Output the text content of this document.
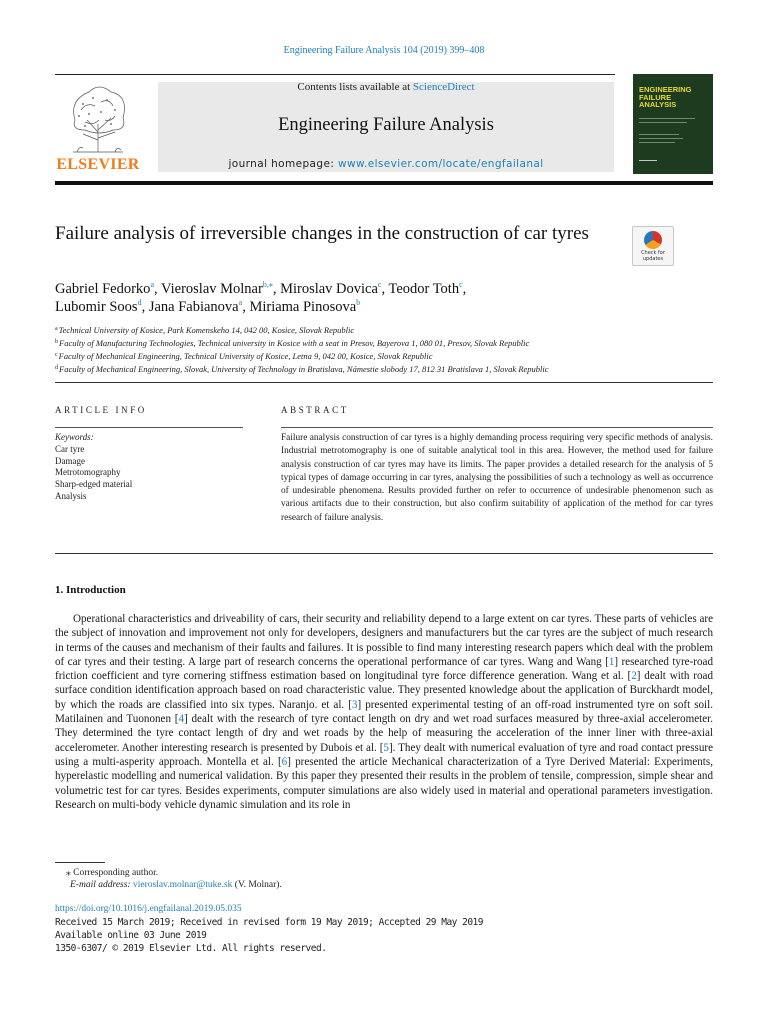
Engineering Failure Analysis 104 (2019) 399–408
ELSEVIER
Contents lists available at ScienceDirect
Engineering Failure Analysis
journal homepage: www.elsevier.com/locate/engfailanal
ENGINEERING FAILURE ANALYSIS
Failure analysis of irreversible changes in the construction of car tyres
Check for updates
Gabriel Fedorko$^a$, Vieroslav Molnar$^{b,⁎}$, Miroslav Dovica$^c$, Teodor Toth$^c$,
Lubomir Soos$^d$, Jana Fabianova$^a$, Miriama Pinosova$^b$
$^a$Technical University of Kosice, Park Komenskeho 14, 042 00, Kosice, Slovak Republic
$^b$Faculty of Manufacturing Technologies, Technical university in Kosice with a seat in Presov, Bayerova 1, 080 01, Presov, Slovak Republic
$^c$Faculty of Mechanical Engineering, Technical University of Kosice, Letna 9, 042 00, Kosice, Slovak Republic
$^d$Faculty of Mechanical Engineering, Slovak, University of Technology in Bratislava, Námestie slobody 17, 812 31 Bratislava 1, Slovak Republic
ARTICLE INFO	ABSTRACT
Keywords:
Car tyre
Damage
Metrotomography
Sharp-edged material
Analysis
Failure analysis construction of car tyres is a highly demanding process requiring very specific methods of analysis. Industrial metrotomography is one of suitable analytical tool in this area. However, the method used for failure analysis construction of car tyres may have its limits. The paper provides a detailed research for the analysis of 5 typical types of damage occurring in car tyres, analysing the possibilities of such a technology as well as occurrence of undesirable phenomena. Results provided further on refer to occurrence of undesirable phenomenon such as various artifacts due to their construction, but also confirm suitability of application of the method for car tyres research of failure analysis.
1. Introduction
Operational characteristics and driveability of cars, their security and reliability depend to a large extent on car tyres. These parts of vehicles are the subject of innovation and improvement not only for developers, designers and manufacturers but the car tyres are the subject of much research in terms of the causes and mechanism of their faults and failures. It is possible to find many interesting research papers which deal with the problem of car tyres and their testing. A large part of research concerns the operational performance of car tyres. Wang and Wang [1] researched tyre-road friction coefficient and tyre cornering stiffness estimation based on longitudinal tyre force difference generation. Wang et al. [2] dealt with road surface condition identification approach based on road characteristic value. They presented knowledge about the application of Burckhardt model, by which the roads are classified into six types. Naranjo. et al. [3] presented experimental testing of an off-road instrumented tyre on soft soil. Matilainen and Tuononen [4] dealt with the research of tyre contact length on dry and wet road surfaces measured by three-axial accelerometer. They determined the tyre contact length of dry and wet roads by the help of measuring the acceleration of the inner liner with three-axial accelerometer. Another interesting research is presented by Dubois et al. [5]. They dealt with numerical evaluation of tyre and road contact pressure using a multi-asperity approach. Montella et al. [6] presented the article Mechanical characterization of a Tyre Derived Material: Experiments, hyperelastic modelling and numerical validation. By this paper they presented their results in the problem of tensile, compression, simple shear and volumetric test for car tyres. Besides experiments, computer simulations are also widely used in material and operational parameters investigation. Research on multi-body vehicle dynamic simulation and its role in
⁎ Corresponding author.
E-mail address: vieroslav.molnar@tuke.sk (V. Molnar).
https://doi.org/10.1016/j.engfailanal.2019.05.035
Received 15 March 2019; Received in revised form 19 May 2019; Accepted 29 May 2019
Available online 03 June 2019
1350-6307/ © 2019 Elsevier Ltd. All rights reserved.
